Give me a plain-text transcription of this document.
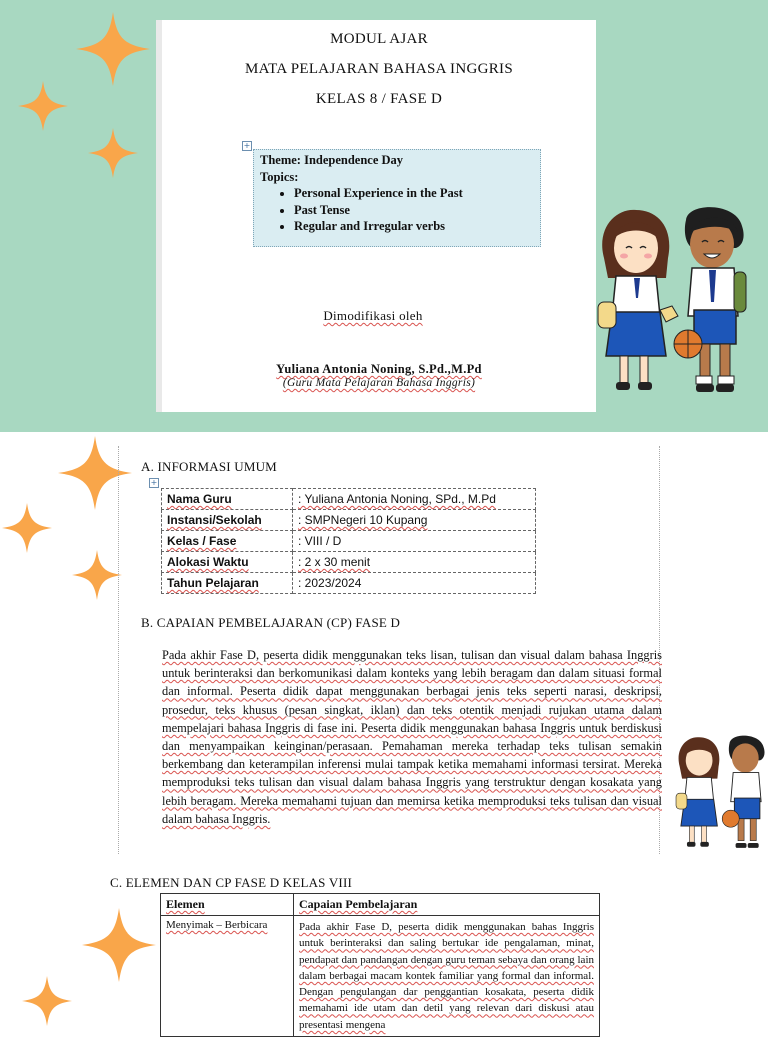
MODUL AJAR
MATA PELAJARAN BAHASA INGGRIS
KELAS 8 / FASE D
+
Theme: Independence Day
Topics:
• Personal Experience in the Past
• Past Tense
• Regular and Irregular verbs
Dimodifikasi oleh
Yuliana Antonia Noning, S.Pd.,M.Pd
(Guru Mata Pelajaran Bahasa Inggris)
A. INFORMASI UMUM
+
Nama Guru	: Yuliana Antonia Noning, SPd., M.Pd
Instansi/Sekolah	: SMPNegeri 10 Kupang
Kelas / Fase	: VIII / D
Alokasi Waktu	: 2 x 30 menit
Tahun Pelajaran	: 2023/2024
B. CAPAIAN PEMBELAJARAN (CP) FASE D
Pada akhir Fase D, peserta didik menggunakan teks lisan, tulisan dan visual dalam bahasa Inggris untuk berinteraksi dan berkomunikasi dalam konteks yang lebih beragam dan dalam situasi formal dan informal. Peserta didik dapat menggunakan berbagai jenis teks seperti narasi, deskripsi, prosedur, teks khusus (pesan singkat, iklan) dan teks otentik menjadi rujukan utama dalam mempelajari bahasa Inggris di fase ini. Peserta didik menggunakan bahasa Inggris untuk berdiskusi dan menyampaikan keinginan/perasaan. Pemahaman mereka terhadap teks tulisan semakin berkembang dan keterampilan inferensi mulai tampak ketika memahami informasi tersirat. Mereka memproduksi teks tulisan dan visual dalam bahasa Inggris yang terstruktur dengan kosakata yang lebih beragam. Mereka memahami tujuan dan memirsa ketika memproduksi teks tulisan dan visual dalam bahasa Inggris.
C. ELEMEN DAN CP FASE D KELAS VIII
Elemen	Capaian Pembelajaran
Menyimak – Berbicara	Pada akhir Fase D, peserta didik menggunakan bahas Inggris untuk berinteraksi dan saling bertukar ide pengalaman, minat, pendapat dan pandangan dengan guru teman sebaya dan orang lain dalam berbagai macam kontek familiar yang formal dan informal. Dengan pengulangan dar penggantian kosakata, peserta didik memahami ide utam dan detil yang relevan dari diskusi atau presentasi mengena
